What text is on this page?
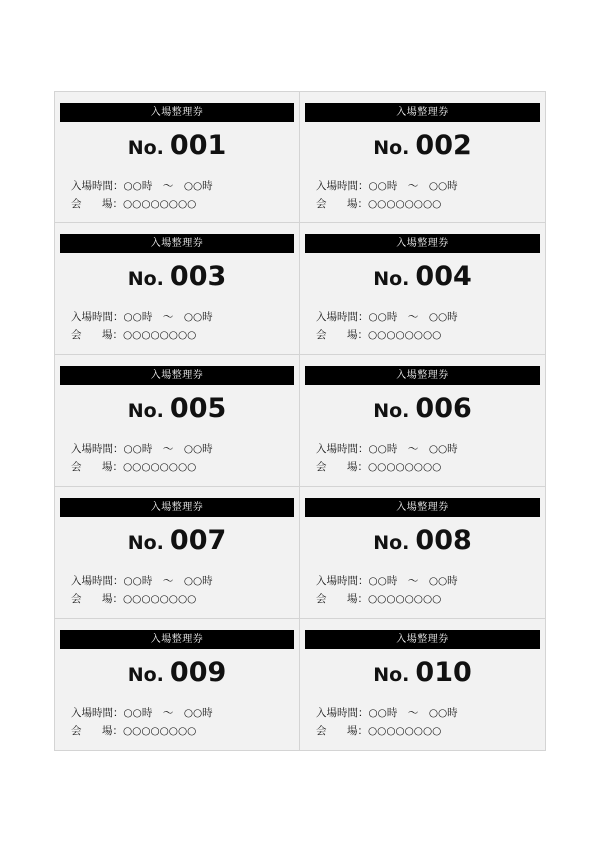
入場整理券
No. 001
入場時間：○○時　～　○○時
会 場： ○○○○○○○○
入場整理券
No. 002
入場時間：○○時　～　○○時
会 場： ○○○○○○○○
入場整理券
No. 003
入場時間：○○時　～　○○時
会 場： ○○○○○○○○
入場整理券
No. 004
入場時間：○○時　～　○○時
会 場： ○○○○○○○○
入場整理券
No. 005
入場時間：○○時　～　○○時
会 場： ○○○○○○○○
入場整理券
No. 006
入場時間：○○時　～　○○時
会 場： ○○○○○○○○
入場整理券
No. 007
入場時間：○○時　～　○○時
会 場： ○○○○○○○○
入場整理券
No. 008
入場時間：○○時　～　○○時
会 場： ○○○○○○○○
入場整理券
No. 009
入場時間：○○時　～　○○時
会 場： ○○○○○○○○
入場整理券
No. 010
入場時間：○○時　～　○○時
会 場： ○○○○○○○○
